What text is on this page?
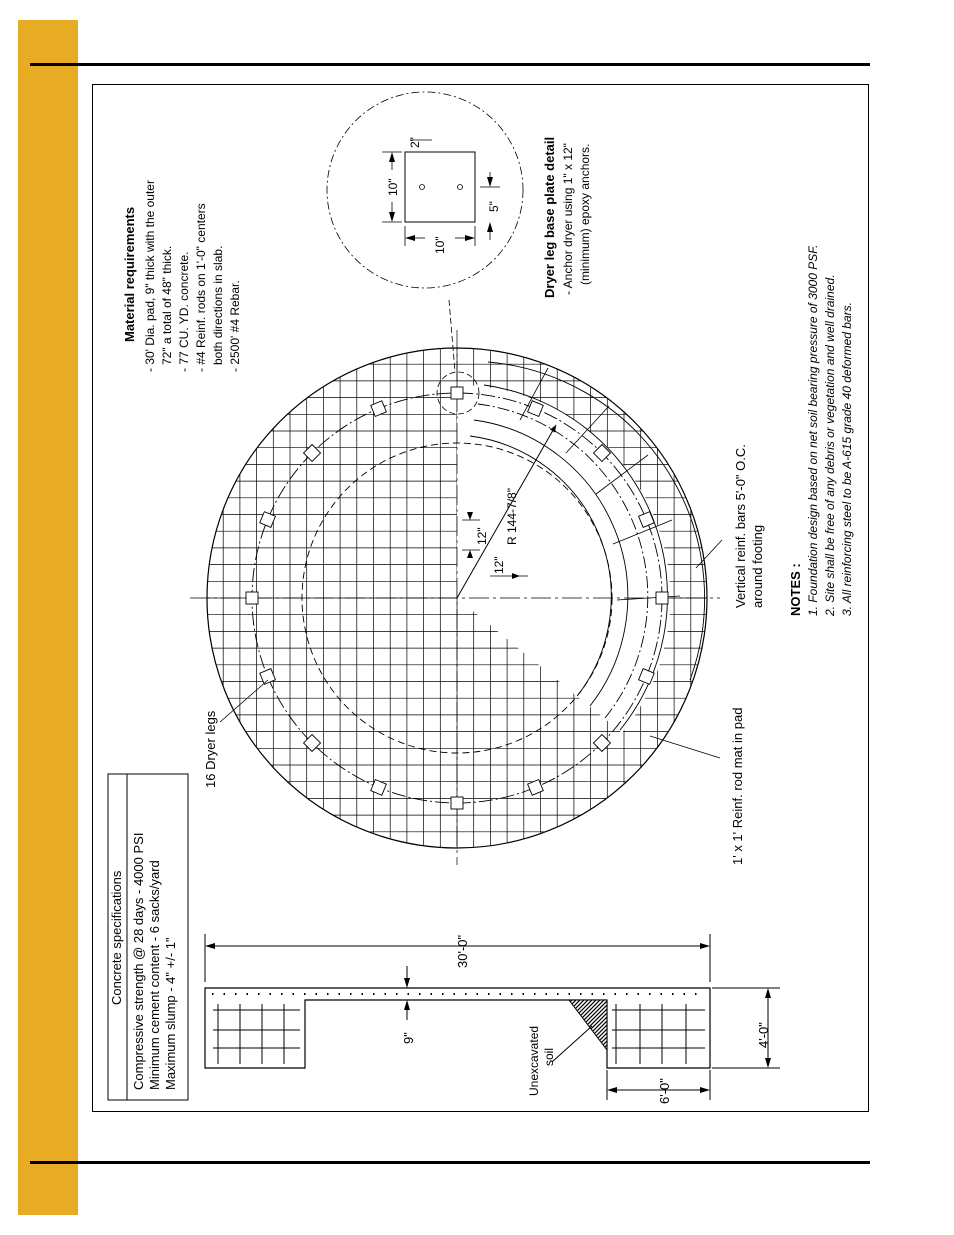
Concrete specifications Compressive strength @ 28 days - 4000 PSI Minimum cement content - 6 sacks/yard Maximum slump - 4" +/- 1"	Unexcavated soil
30'-0"
9"	4'-0"
6'-0"
R 144-7/8"
12"
12"
16 Dryer legs	1' x 1' Reinf. rod mat in pad
Vertical reinf. bars 5'-0" O.C. around footing
Material requirements - 30' Dia. pad, 9" thick with the outer 72" a total of 48" thick. - 77 CU. YD. concrete. - #4 Reinf. rods on 1'-0" centers both directions in slab. - 2500' #4 Rebar.
10"
2"
5"
10"	Dryer leg base plate detail - Anchor dryer using 1" x 12" (minimum) epoxy anchors.
NOTES : 1. Foundation design based on net soil bearing pressure of 3000 PSF. 2. Site shall be free of any debris or vegetation and well drained. 3. All reinforcing steel to be A-615 grade 40 deformed bars.
